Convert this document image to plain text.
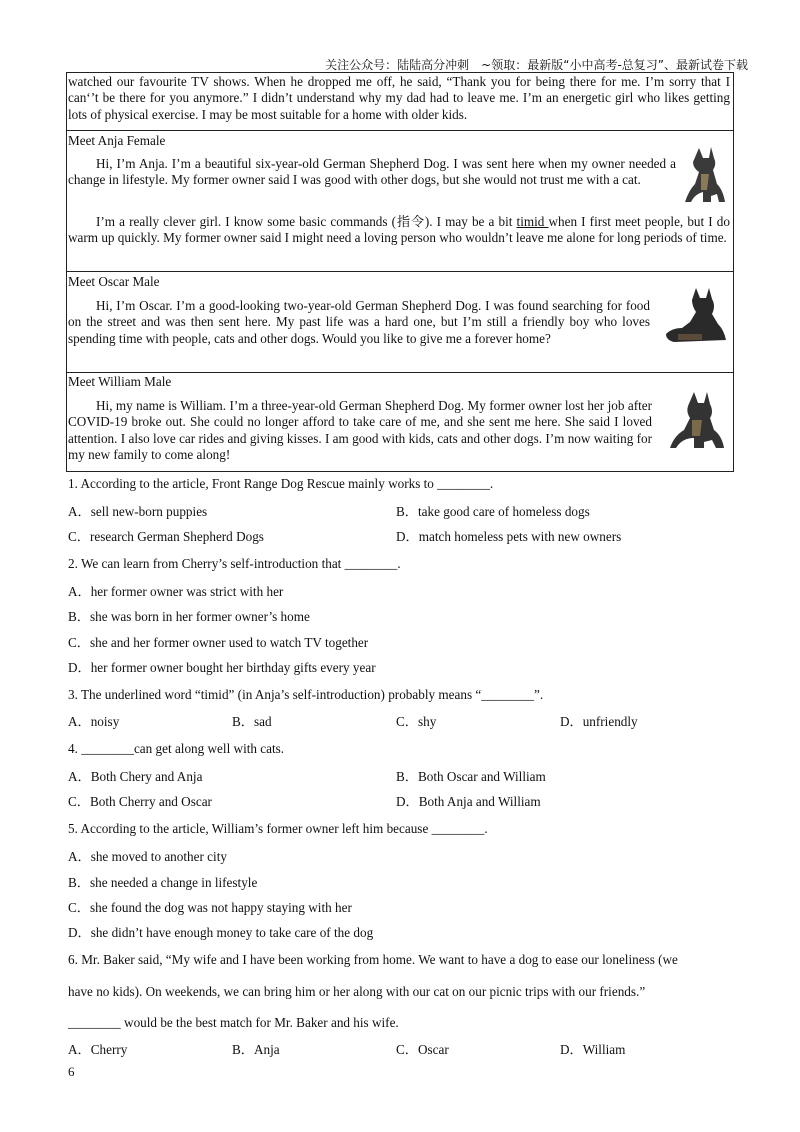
关注公众号：陆陆高分冲刺　~领取：最新版“小中高考-总复习”、最新试卷下载
watched our favourite TV shows. When he dropped me off, he said, “Thank you for being there for me. I’m sorry that I can‘’t be there for you anymore.” I didn’t understand why my dad had to leave me. I’m an energetic girl who likes getting lots of physical exercise. I may be most suitable for a home with older kids.
Meet Anja Female
Hi, I’m Anja. I’m a beautiful six-year-old German Shepherd Dog. I was sent here when my owner needed a change in lifestyle. My former owner said I was good with other dogs, but she would not trust me with a cat.
I’m a really clever girl. I know some basic commands (指令). I may be a bit timid when I first meet people, but I do warm up quickly. My former owner said I might need a loving person who wouldn’t leave me alone for long periods of time.
Meet Oscar Male
Hi, I’m Oscar. I’m a good-looking two-year-old German Shepherd Dog. I was found searching for food on the street and was then sent here. My past life was a hard one, but I’m still a friendly boy who loves spending time with people, cats and other dogs. Would you like to give me a forever home?
Meet William Male
Hi, my name is William. I’m a three-year-old German Shepherd Dog. My former owner lost her job after COVID-19 broke out. She could no longer afford to take care of me, and she sent me here. She said I loved attention. I also love car rides and giving kisses. I am good with kids, cats and other dogs. I’m now waiting for my new family to come along!
1. According to the article, Front Range Dog Rescue mainly works to ________.
A．sell new-born puppies	B．take good care of homeless dogs
C．research German Shepherd Dogs	D．match homeless pets with new owners
2. We can learn from Cherry’s self-introduction that ________.
A．her former owner was strict with her
B．she was born in her former owner’s home
C．she and her former owner used to watch TV together
D．her former owner bought her birthday gifts every year
3. The underlined word “timid” (in Anja’s self-introduction) probably means “________”.
A．noisy	B．sad	C．shy	D．unfriendly
4. ________can get along well with cats.
A．Both Chery and Anja	B．Both Oscar and William
C．Both Cherry and Oscar	D．Both Anja and William
5. According to the article, William’s former owner left him because ________.
A．she moved to another city
B．she needed a change in lifestyle
C．she found the dog was not happy staying with her
D．she didn’t have enough money to take care of the dog
6. Mr. Baker said, “My wife and I have been working from home. We want to have a dog to ease our loneliness (we
have no kids). On weekends, we can bring him or her along with our cat on our picnic trips with our friends.”
________ would be the best match for Mr. Baker and his wife.
A．Cherry	B．Anja	C．Oscar	D．William
6
